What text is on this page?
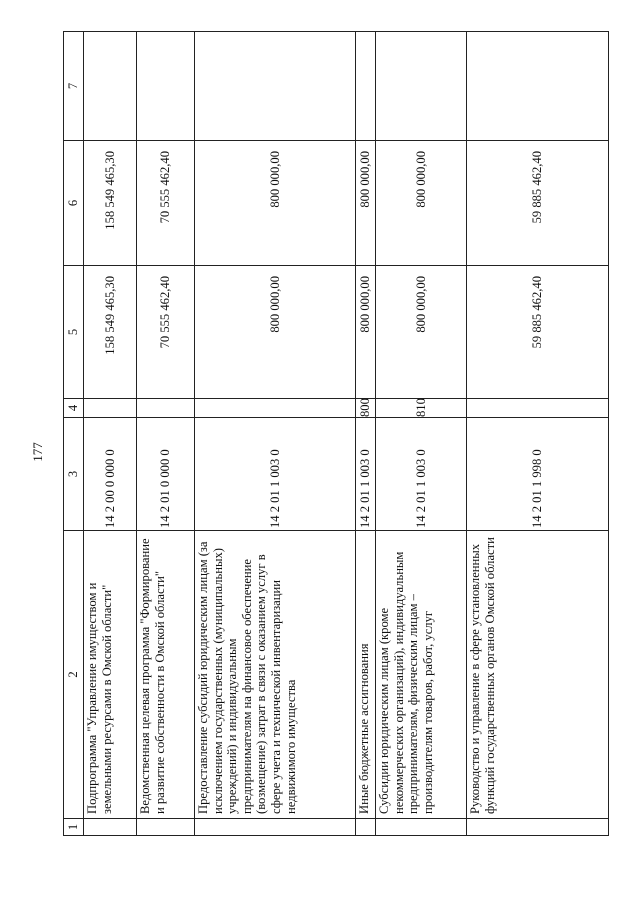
177
1	2	3	4	5	6	7
	Подпрограмма "Управление имуществом и земельными ресурсами в Омской области"	14 2 00 0 000 0		158 549 465,30	158 549 465,30	
	Ведомственная целевая программа "Формирование и развитие собственности в Омской области"	14 2 01 0 000 0		70 555 462,40	70 555 462,40	
	Предоставление субсидий юридическим лицам (за исключением государственных (муниципальных) учреждений) и индивидуальным предпринимателям на финансовое обеспечение (возмещение) затрат в связи с оказанием услуг в сфере учета и технической инвентаризации недвижимого имущества	14 2 01 1 003 0		800 000,00	800 000,00	
	Иные бюджетные ассигнования	14 2 01 1 003 0	800	800 000,00	800 000,00	
	Субсидии юридическим лицам (кроме некоммерческих организаций), индивидуальным предпринимателям, физическим лицам – производителям товаров, работ, услуг	14 2 01 1 003 0	810	800 000,00	800 000,00	
	Руководство и управление в сфере установленных функций государственных органов Омской области	14 2 01 1 998 0		59 885 462,40	59 885 462,40	
